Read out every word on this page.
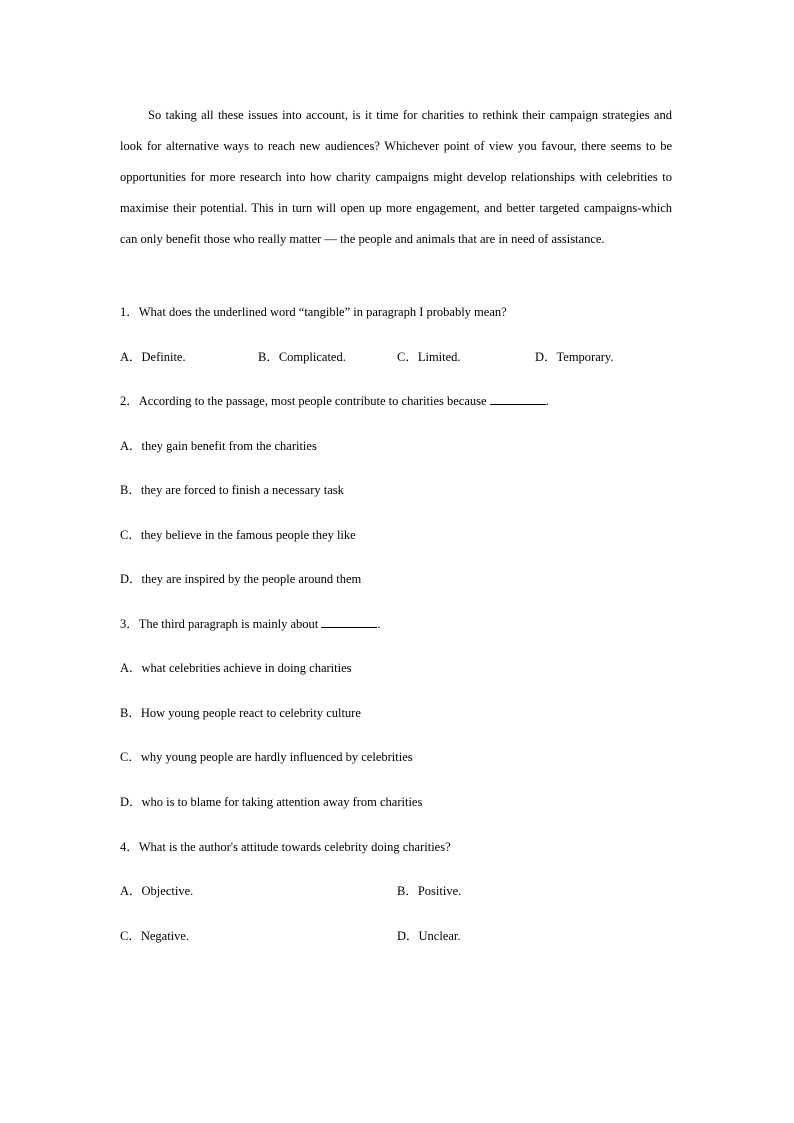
So taking all these issues into account, is it time for charities to rethink their campaign strategies and look for alternative ways to reach new audiences? Whichever point of view you favour, there seems to be opportunities for more research into how charity campaigns might develop relationships with celebrities to maximise their potential. This in turn will open up more engagement, and better targeted campaigns-which can only benefit those who really matter — the people and animals that are in need of assistance.

1．What does the underlined word “tangible” in paragraph I probably mean?
A．Definite.	B．Complicated.	C．Limited.	D．Temporary.
2．According to the passage, most people contribute to charities because	.
A．they gain benefit from the charities
B．they are forced to finish a necessary task
C．they believe in the famous people they like
D．they are inspired by the people around them
3．The third paragraph is mainly about	.
A．what celebrities achieve in doing charities
B．How young people react to celebrity culture
C．why young people are hardly influenced by celebrities
D．who is to blame for taking attention away from charities
4．What is the author's attitude towards celebrity doing charities?
A．Objective.	B．Positive.
C．Negative.	D．Unclear.
